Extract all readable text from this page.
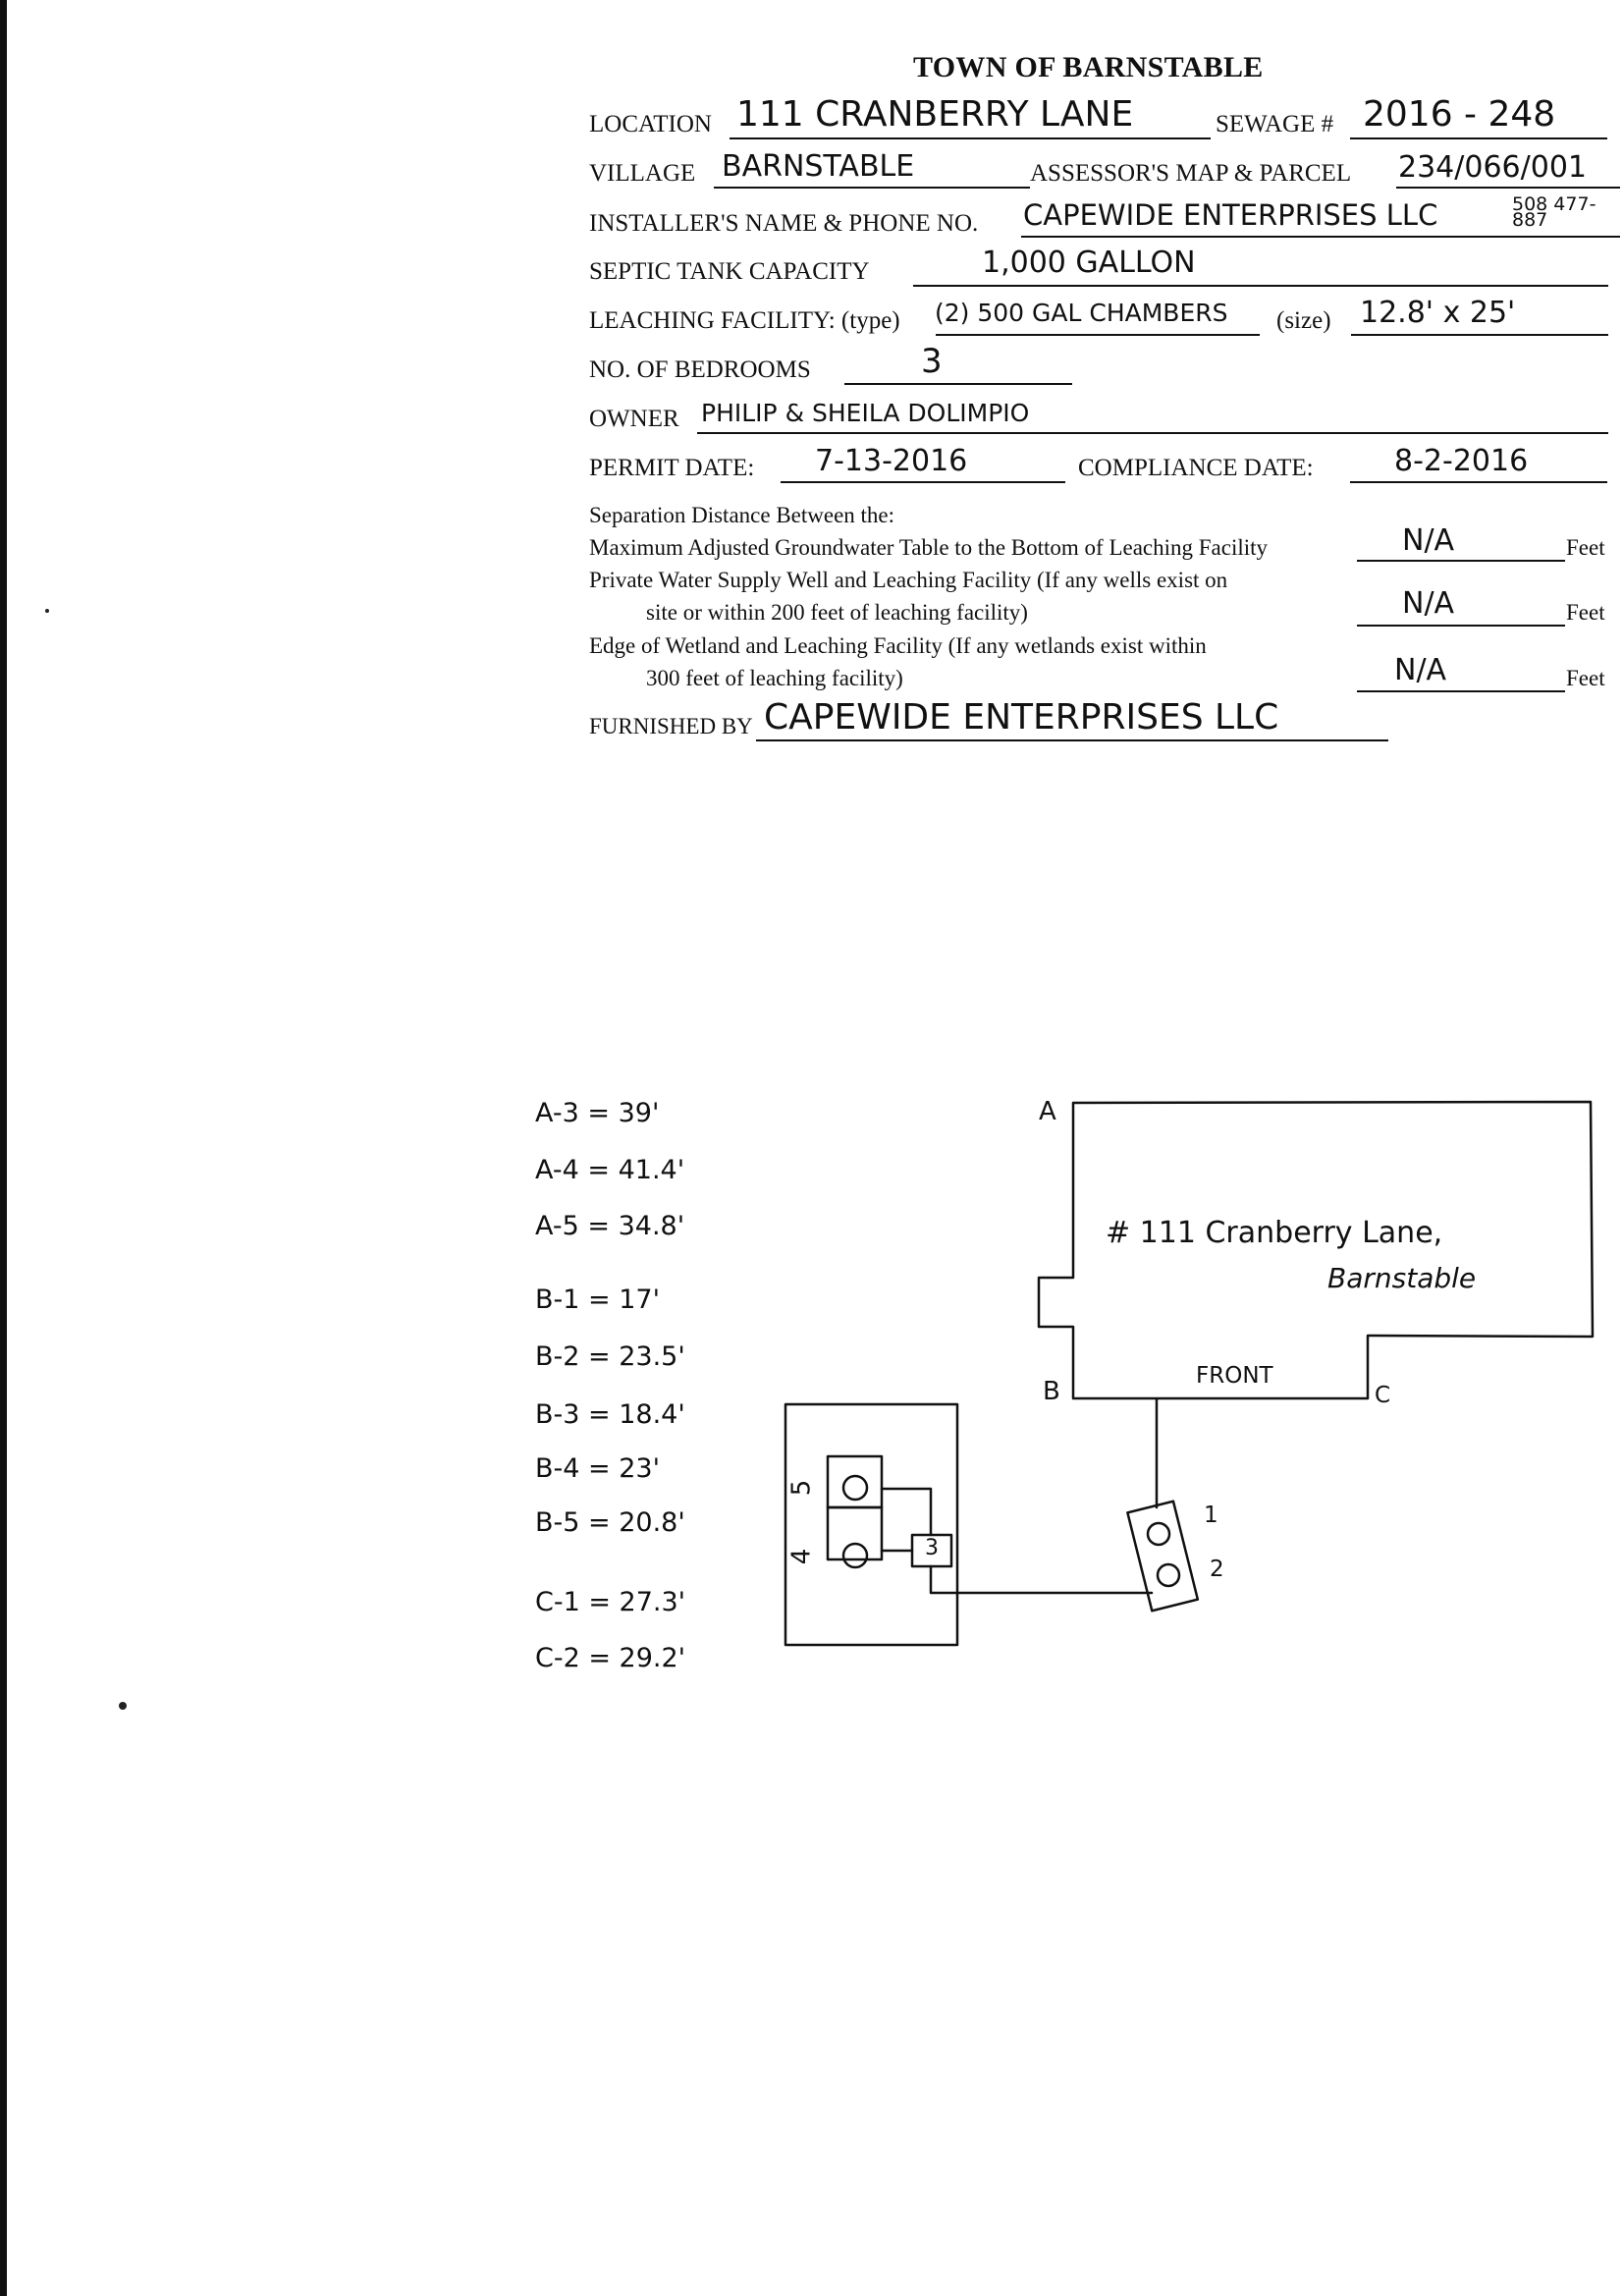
TOWN OF BARNSTABLE
LOCATION 111 CRANBERRY LANE	SEWAGE # 2016 - 248
VILLAGE BARNSTABLE	ASSESSOR'S MAP & PARCEL 234/066/001
INSTALLER'S NAME & PHONE NO. CAPEWIDE ENTERPRISES LLC	508 477-887
SEPTIC TANK CAPACITY	1,000 GALLON
LEACHING FACILITY: (type) (2) 500 GAL CHAMBERS (size) 12.8' x 25'
NO. OF BEDROOMS	3
OWNER PHILIP & SHEILA DOLIMPIO
PERMIT DATE: 7-13-2016	COMPLIANCE DATE:	8-2-2016
Separation Distance Between the:
Maximum Adjusted Groundwater Table to the Bottom of Leaching Facility	N/A	Feet
Private Water Supply Well and Leaching Facility (If any wells exist on
site or within 200 feet of leaching facility)	N/A	Feet
Edge of Wetland and Leaching Facility (If any wetlands exist within
300 feet of leaching facility)	N/A	Feet
FURNISHED BY CAPEWIDE ENTERPRISES LLC
A-3 = 39'
A-4 = 41.4'
A-5 = 34.8'
B-1 = 17'
B-2 = 23.5'
B-3 = 18.4'
B-4 = 23'
B-5 = 20.8'
C-1 = 27.3'
C-2 = 29.2'
# 111 Cranberry Lane,
Barnstable
FRONT
A
B	C
1
2
3
5
4
